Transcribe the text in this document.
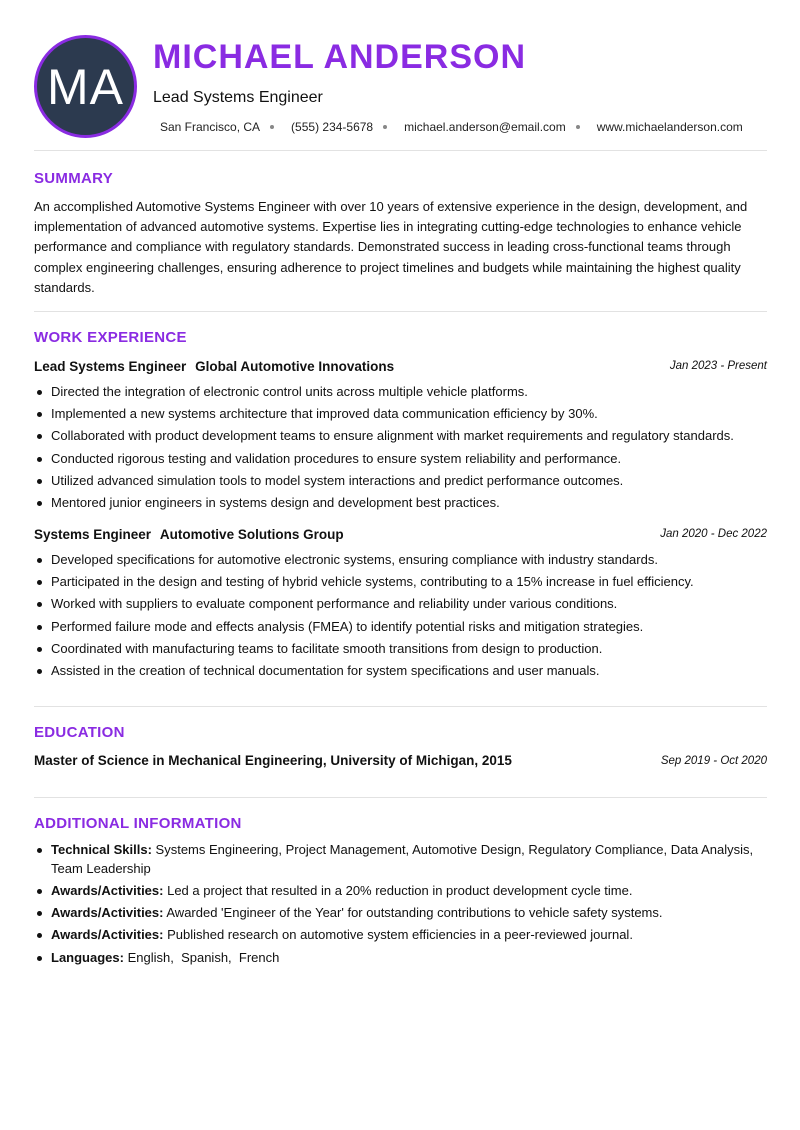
MA
MICHAEL ANDERSON
Lead Systems Engineer
San Francisco, CA	(555) 234-5678	michael.anderson@email.com	www.michaelanderson.com
SUMMARY

An accomplished Automotive Systems Engineer with over 10 years of extensive experience in the design, development, and implementation of advanced automotive systems. Expertise lies in integrating cutting-edge technologies to enhance vehicle performance and compliance with regulatory standards. Demonstrated success in leading cross-functional teams through complex engineering challenges, ensuring adherence to project timelines and budgets while maintaining the highest quality standards.

WORK EXPERIENCE
Lead Systems Engineer Global Automotive Innovations	Jan 2023 - Present
Directed the integration of electronic control units across multiple vehicle platforms.
Implemented a new systems architecture that improved data communication efficiency by 30%.
Collaborated with product development teams to ensure alignment with market requirements and regulatory standards.
Conducted rigorous testing and validation procedures to ensure system reliability and performance.
Utilized advanced simulation tools to model system interactions and predict performance outcomes.
Mentored junior engineers in systems design and development best practices.
Systems Engineer Automotive Solutions Group	Jan 2020 - Dec 2022
Developed specifications for automotive electronic systems, ensuring compliance with industry standards.
Participated in the design and testing of hybrid vehicle systems, contributing to a 15% increase in fuel efficiency.
Worked with suppliers to evaluate component performance and reliability under various conditions.
Performed failure mode and effects analysis (FMEA) to identify potential risks and mitigation strategies.
Coordinated with manufacturing teams to facilitate smooth transitions from design to production.
Assisted in the creation of technical documentation for system specifications and user manuals.
EDUCATION
Master of Science in Mechanical Engineering, University of Michigan, 2015	Sep 2019 - Oct 2020
ADDITIONAL INFORMATION
Technical Skills: Systems Engineering, Project Management, Automotive Design, Regulatory Compliance, Data Analysis, Team Leadership
Awards/Activities: Led a project that resulted in a 20% reduction in product development cycle time.
Awards/Activities: Awarded 'Engineer of the Year' for outstanding contributions to vehicle safety systems.
Awards/Activities: Published research on automotive system efficiencies in a peer-reviewed journal.
Languages: English,  Spanish,  French
